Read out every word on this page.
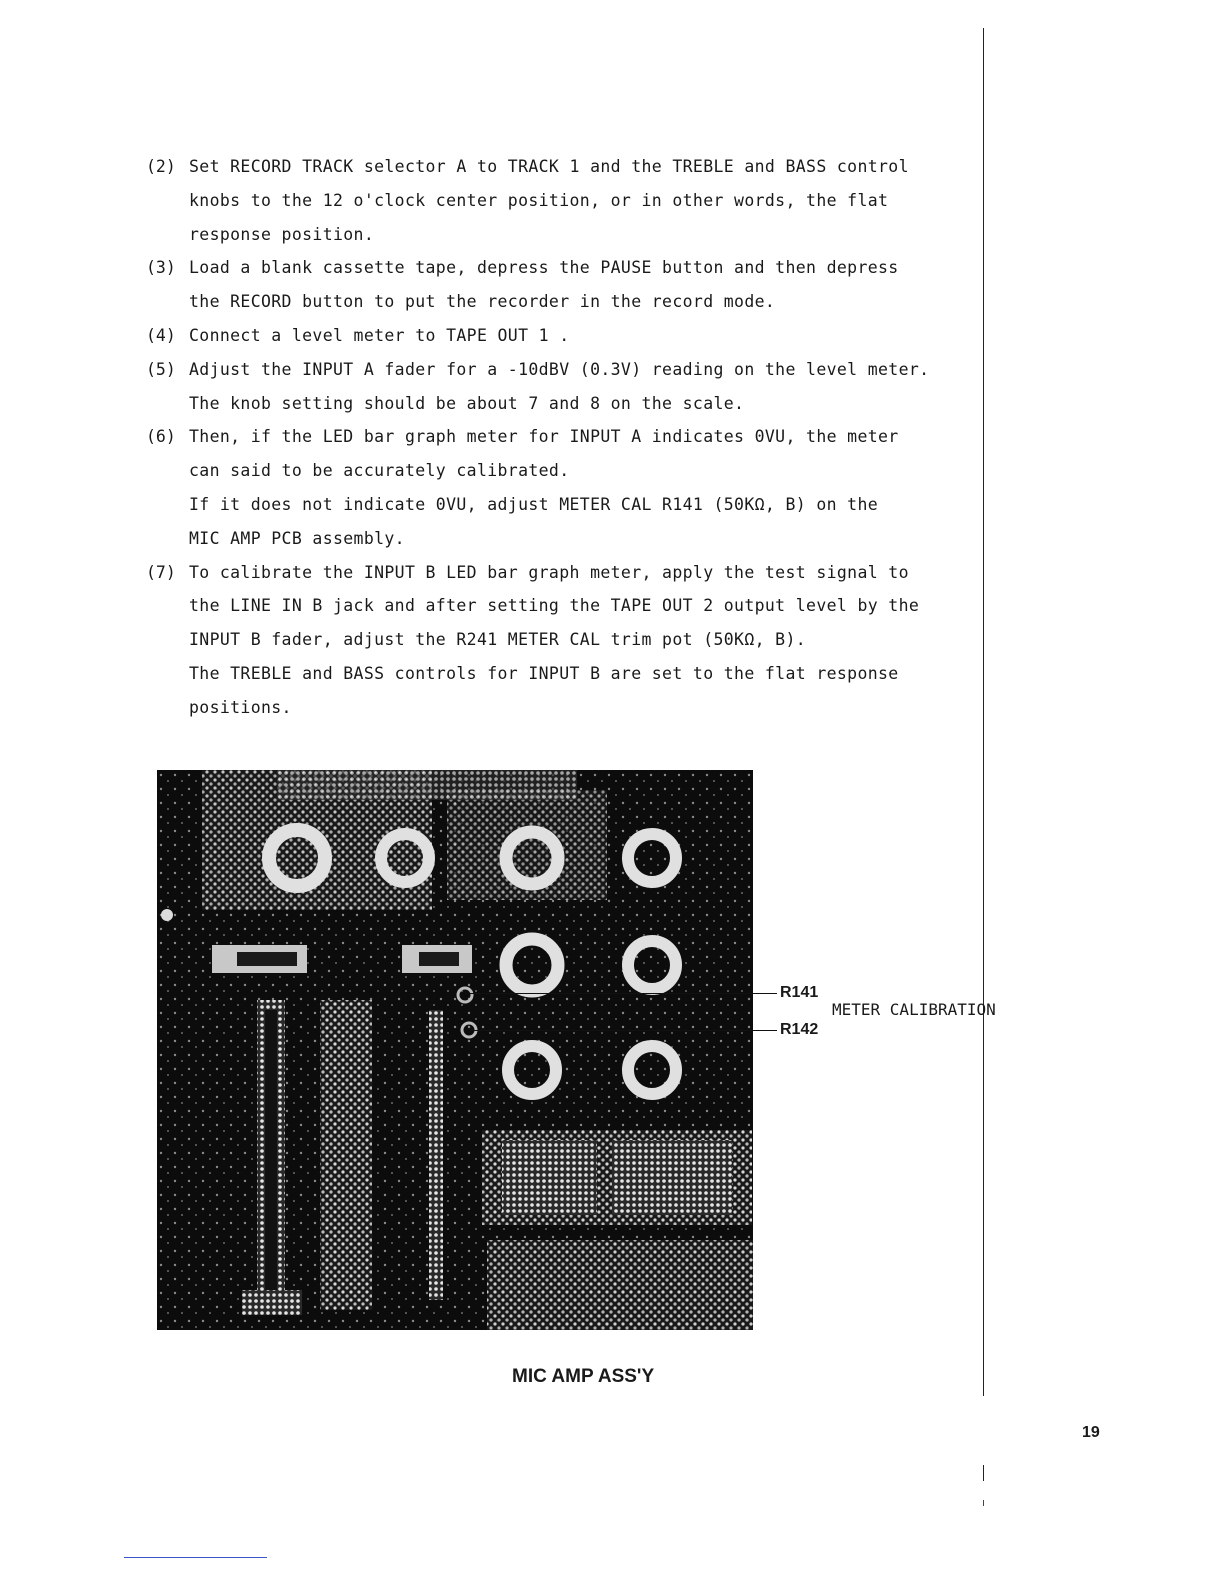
(2) Set RECORD TRACK selector A to TRACK 1 and the TREBLE and BASS control
knobs to the 12 o'clock center position, or in other words, the flat
response position.
(3) Load a blank cassette tape, depress the PAUSE button and then depress
the RECORD button to put the recorder in the record mode.
(4) Connect a level meter to TAPE OUT 1 .
(5) Adjust the INPUT A fader for a -10dBV (0.3V) reading on the level meter.
The knob setting should be about 7 and 8 on the scale.
(6) Then, if the LED bar graph meter for INPUT A indicates 0VU, the meter
can said to be accurately calibrated.
If it does not indicate 0VU, adjust METER CAL R141 (50KΩ, B) on the
MIC AMP PCB assembly.
(7) To calibrate the INPUT B LED bar graph meter, apply the test signal to
the LINE IN B jack and after setting the TAPE OUT 2 output level by the
INPUT B fader, adjust the R241 METER CAL trim pot (50KΩ, B).
The TREBLE and BASS controls for INPUT B are set to the flat response
positions.
R141
R142
METER CALIBRATION
MIC AMP ASS'Y
19
